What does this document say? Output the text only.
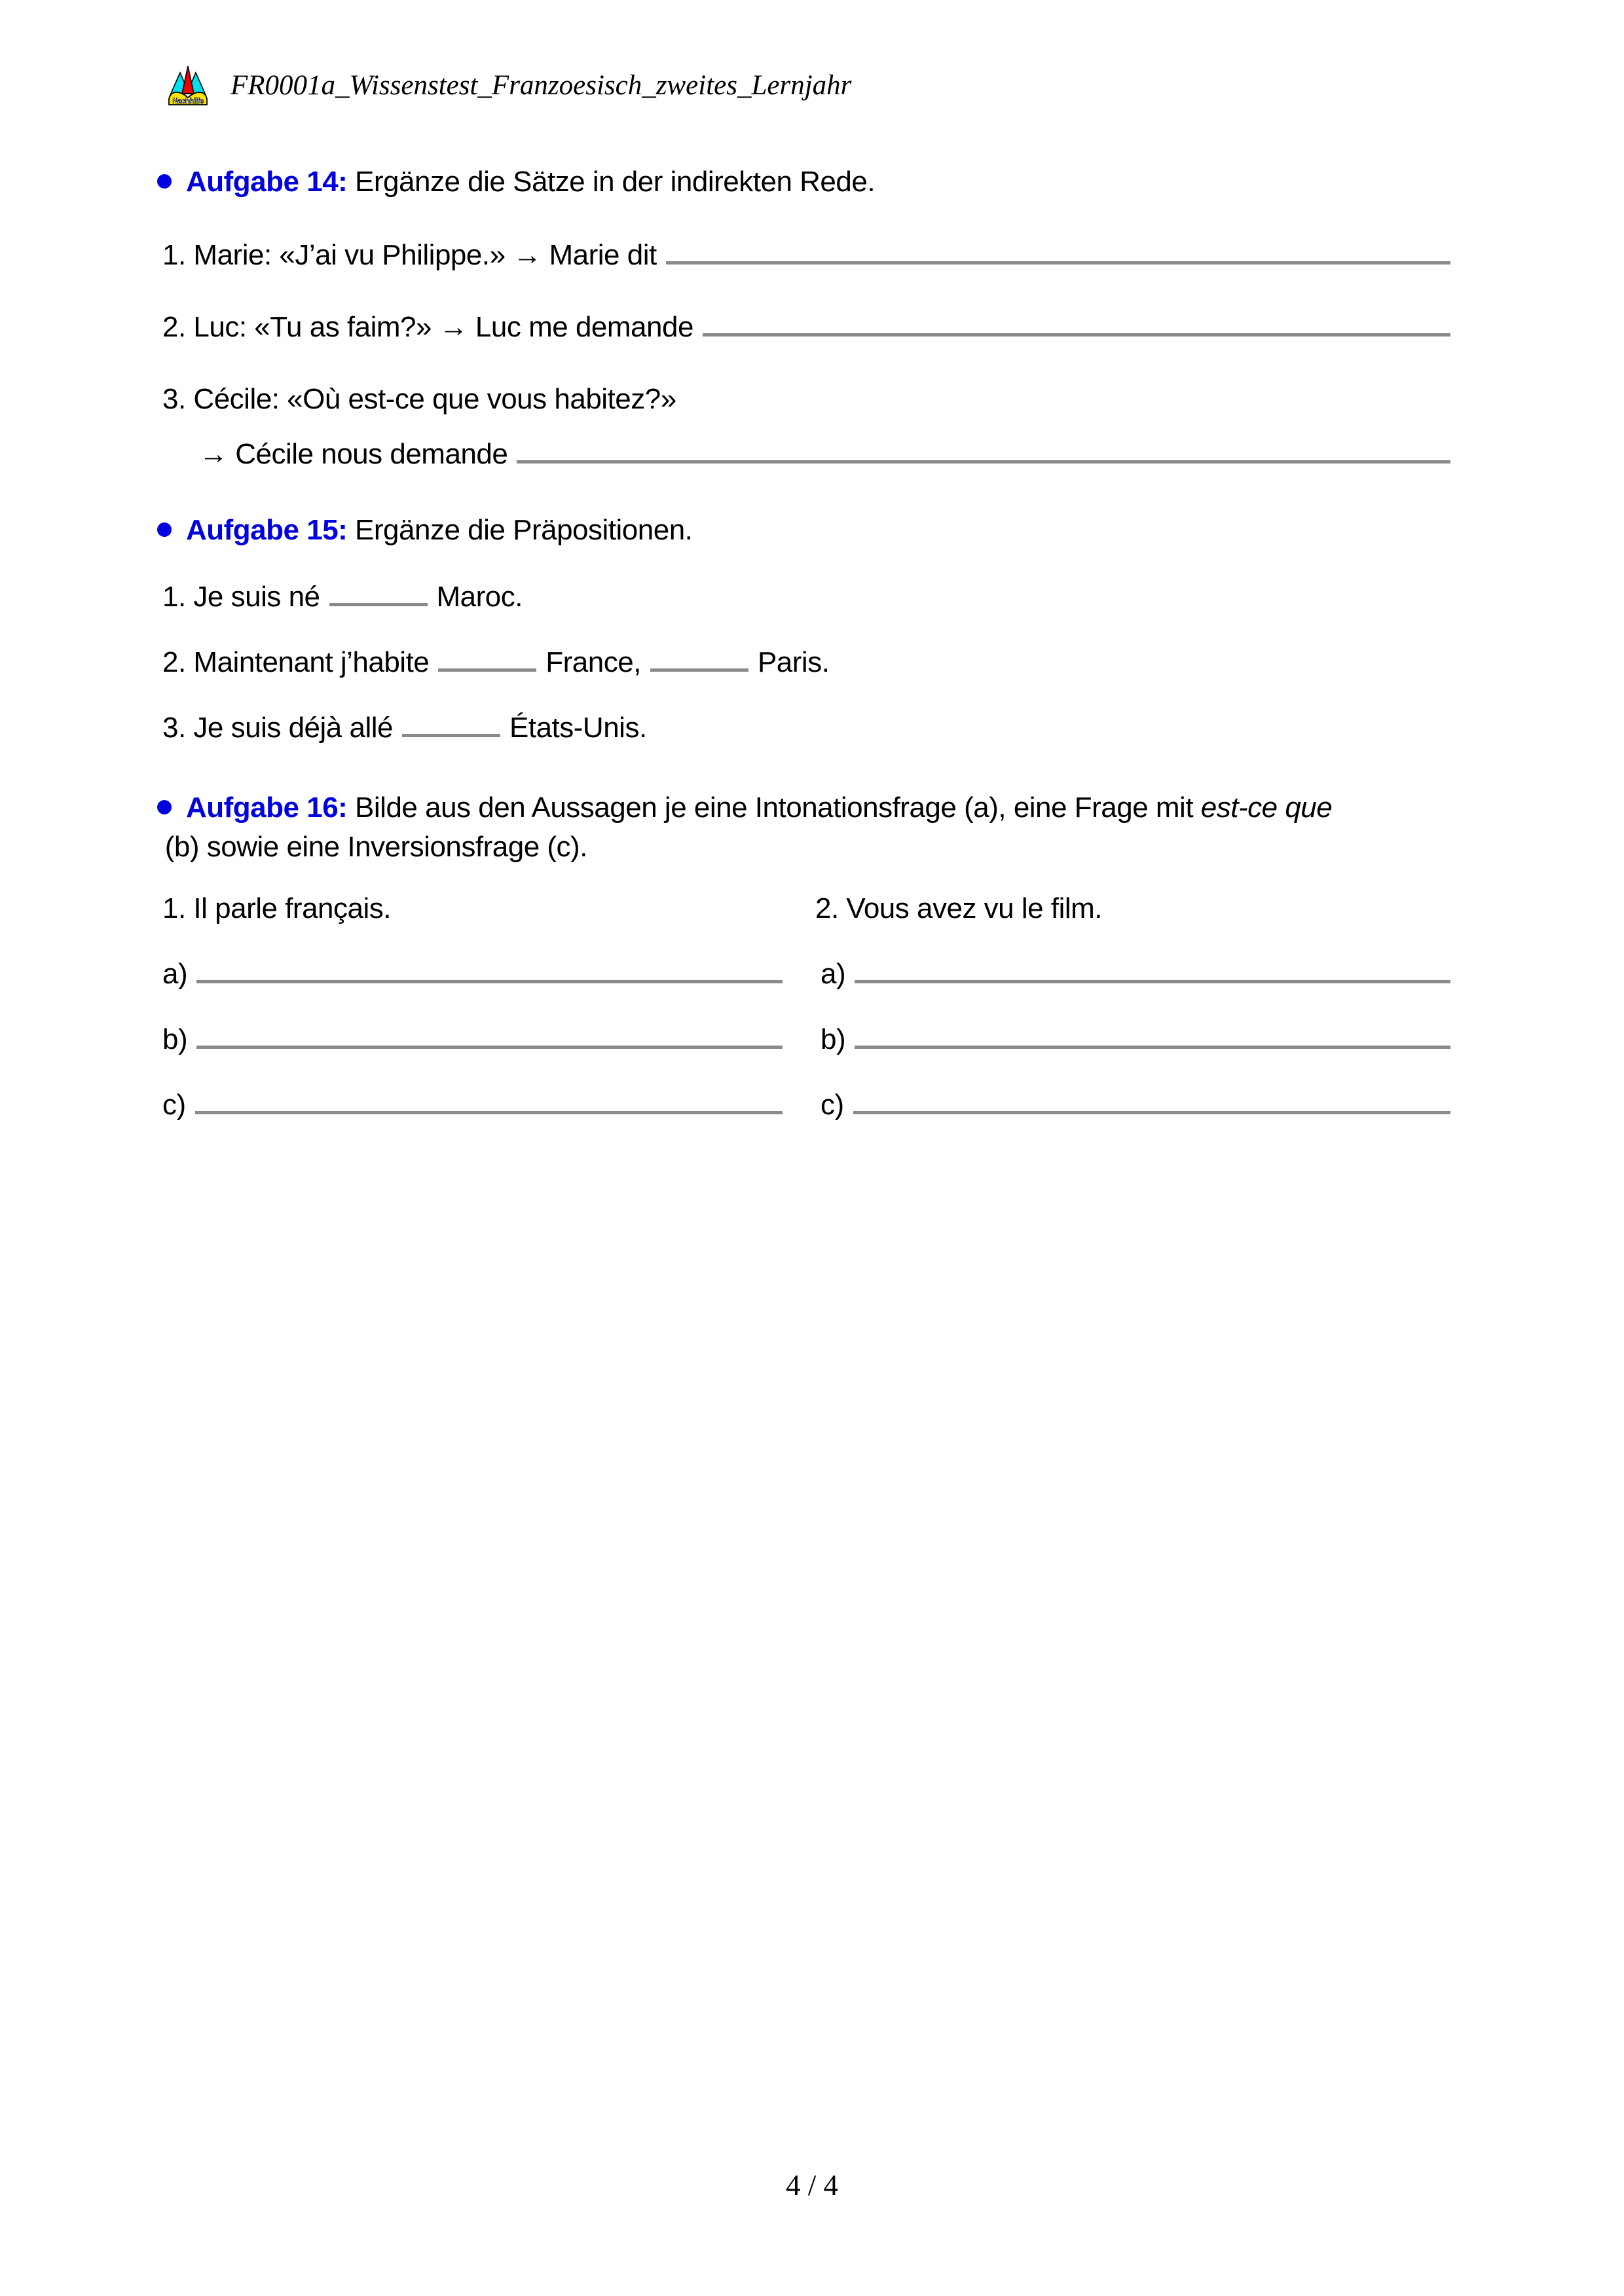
Nachhilfe
FR0001a_Wissenstest_Franzoesisch_zweites_Lernjahr

Aufgabe 14: Ergänze die Sätze in der indirekten Rede.

1. Marie: «J’ai vu Philippe.» → Marie dit
2. Luc: «Tu as faim?» → Luc me demande
3. Cécile: «Où est-ce que vous habitez?»
→ Cécile nous demande

Aufgabe 15: Ergänze die Präpositionen.

1. Je suis né	Maroc.
2. Maintenant j’habite	France,	Paris.
3. Je suis déjà allé	États-Unis.

Aufgabe 16: Bilde aus den Aussagen je eine Intonationsfrage (a), eine Frage mit est-ce que (b) sowie eine Inversionsfrage (c).

1. Il parle français.	2. Vous avez vu le film.
a)	a)
b)	b)
c)	c)
4 / 4
